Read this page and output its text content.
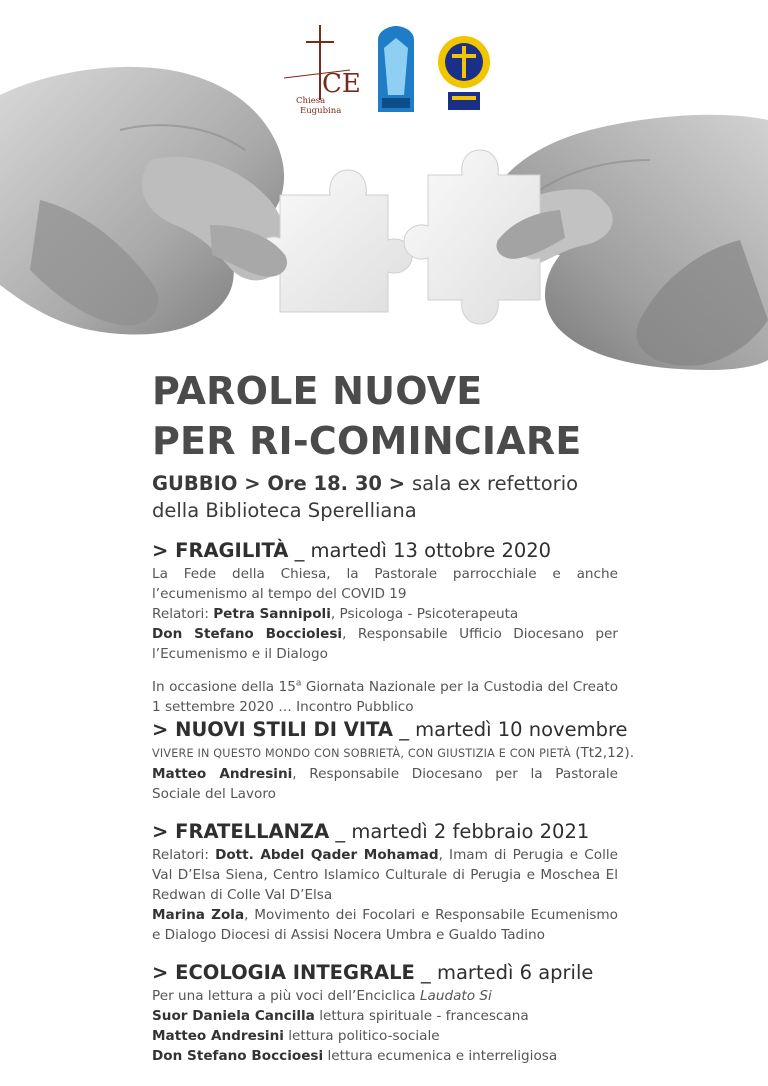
CE
Chiesa
Eugubina
PAROLE NUOVE
PER RI-COMINCIARE
GUBBIO > Ore 18. 30 > sala ex refettorio
della Biblioteca Sperelliana
> FRAGILITÀ _ martedì 13 ottobre 2020
La Fede della Chiesa, la Pastorale parrocchiale e anche l’ecumenismo al tempo del COVID 19
Relatori: Petra Sannipoli, Psicologa - Psicoterapeuta
Don Stefano Bocciolesi, Responsabile Ufficio Diocesano per l’Ecumenismo e il Dialogo
In occasione della 15$^a$ Giornata Nazionale per la Custodia del Creato 1 settembre 2020 … Incontro Pubblico
> NUOVI STILI DI VITA _ martedì 10 novembre
VIVERE IN QUESTO MONDO CON SOBRIETÀ, CON GIUSTIZIA E CON PIETÀ (Tt2,12).
Matteo Andresini, Responsabile Diocesano per la Pastorale Sociale del Lavoro
> FRATELLANZA _ martedì 2 febbraio 2021
Relatori: Dott. Abdel Qader Mohamad, Imam di Perugia e Colle Val D’Elsa Siena, Centro Islamico Culturale di Perugia e Moschea El Redwan di Colle Val D’Elsa
Marina Zola, Movimento dei Focolari e Responsabile Ecumenismo e Dialogo Diocesi di Assisi Nocera Umbra e Gualdo Tadino
> ECOLOGIA INTEGRALE _ martedì 6 aprile
Per una lettura a più voci dell’Enciclica Laudato Si
Suor Daniela Cancilla lettura spirituale - francescana
Matteo Andresini lettura politico-sociale
Don Stefano Boccioesi lettura ecumenica e interreligiosa
